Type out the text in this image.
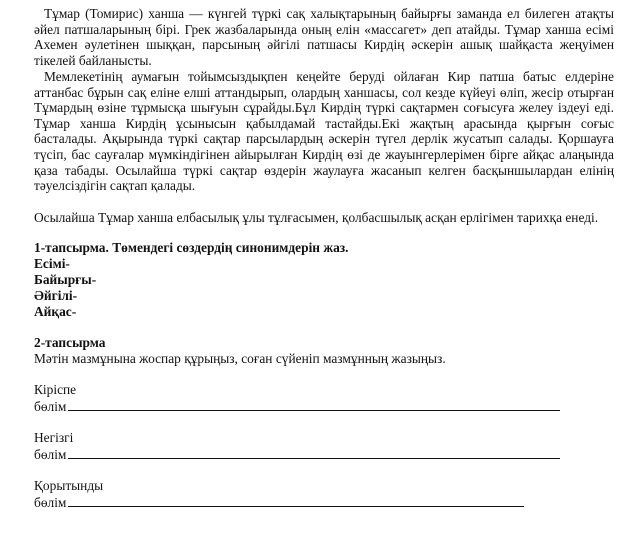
Тұмар (Томирис) ханша — күнгей түркі сақ халықтарының байырғы заманда ел билеген атақты әйел патшаларының бірі. Грек жазбаларында оның елін «массагет» деп атайды. Тұмар ханша есімі Ахемен әулетінен шыққан, парсының әйгілі патшасы Кирдің әскерін ашық шайқаста жеңуімен тікелей байланысты.

Мемлекетінің аумағын тойымсыздықпен кеңейте беруді ойлаған Кир патша батыс елдеріне аттанбас бұрын сақ еліне елші аттандырып, олардың ханшасы, сол кезде күйеуі өліп, жесір отырған Тұмардың өзіне тұрмысқа шығуын сұрайды.Бұл Кирдің түркі сақтармен соғысуға желеу іздеуі еді. Тұмар ханша Кирдің ұсынысын қабылдамай тастайды.Екі жақтың арасында қырғын соғыс басталады. Ақырында түркі сақтар парсылардың әскерін түгел дерлік жусатып салады. Қоршауға түсіп, бас сауғалар мүмкіндігінен айырылған Кирдің өзі де жауынгерлерімен бірге айқас алаңында қаза табады. Осылайша түркі сақтар өздерін жаулауға жасанып келген басқыншылардан елінің тәуелсіздігін сақтап қалады.

Осылайша Тұмар ханша елбасылық ұлы тұлғасымен, қолбасшылық асқан ерлігімен тарихқа енеді.

1-тапсырма. Төмендегі сөздердің синонимдерін жаз.
Есімі-
Байырғы-
Әйгілі-
Айқас-
2-тапсырма
Мәтін мазмұнына жоспар құрыңыз, соған сүйеніп мазмұнның жазыңыз.
Кіріспе
бөлім
Негізгі
бөлім
Қорытынды
бөлім
